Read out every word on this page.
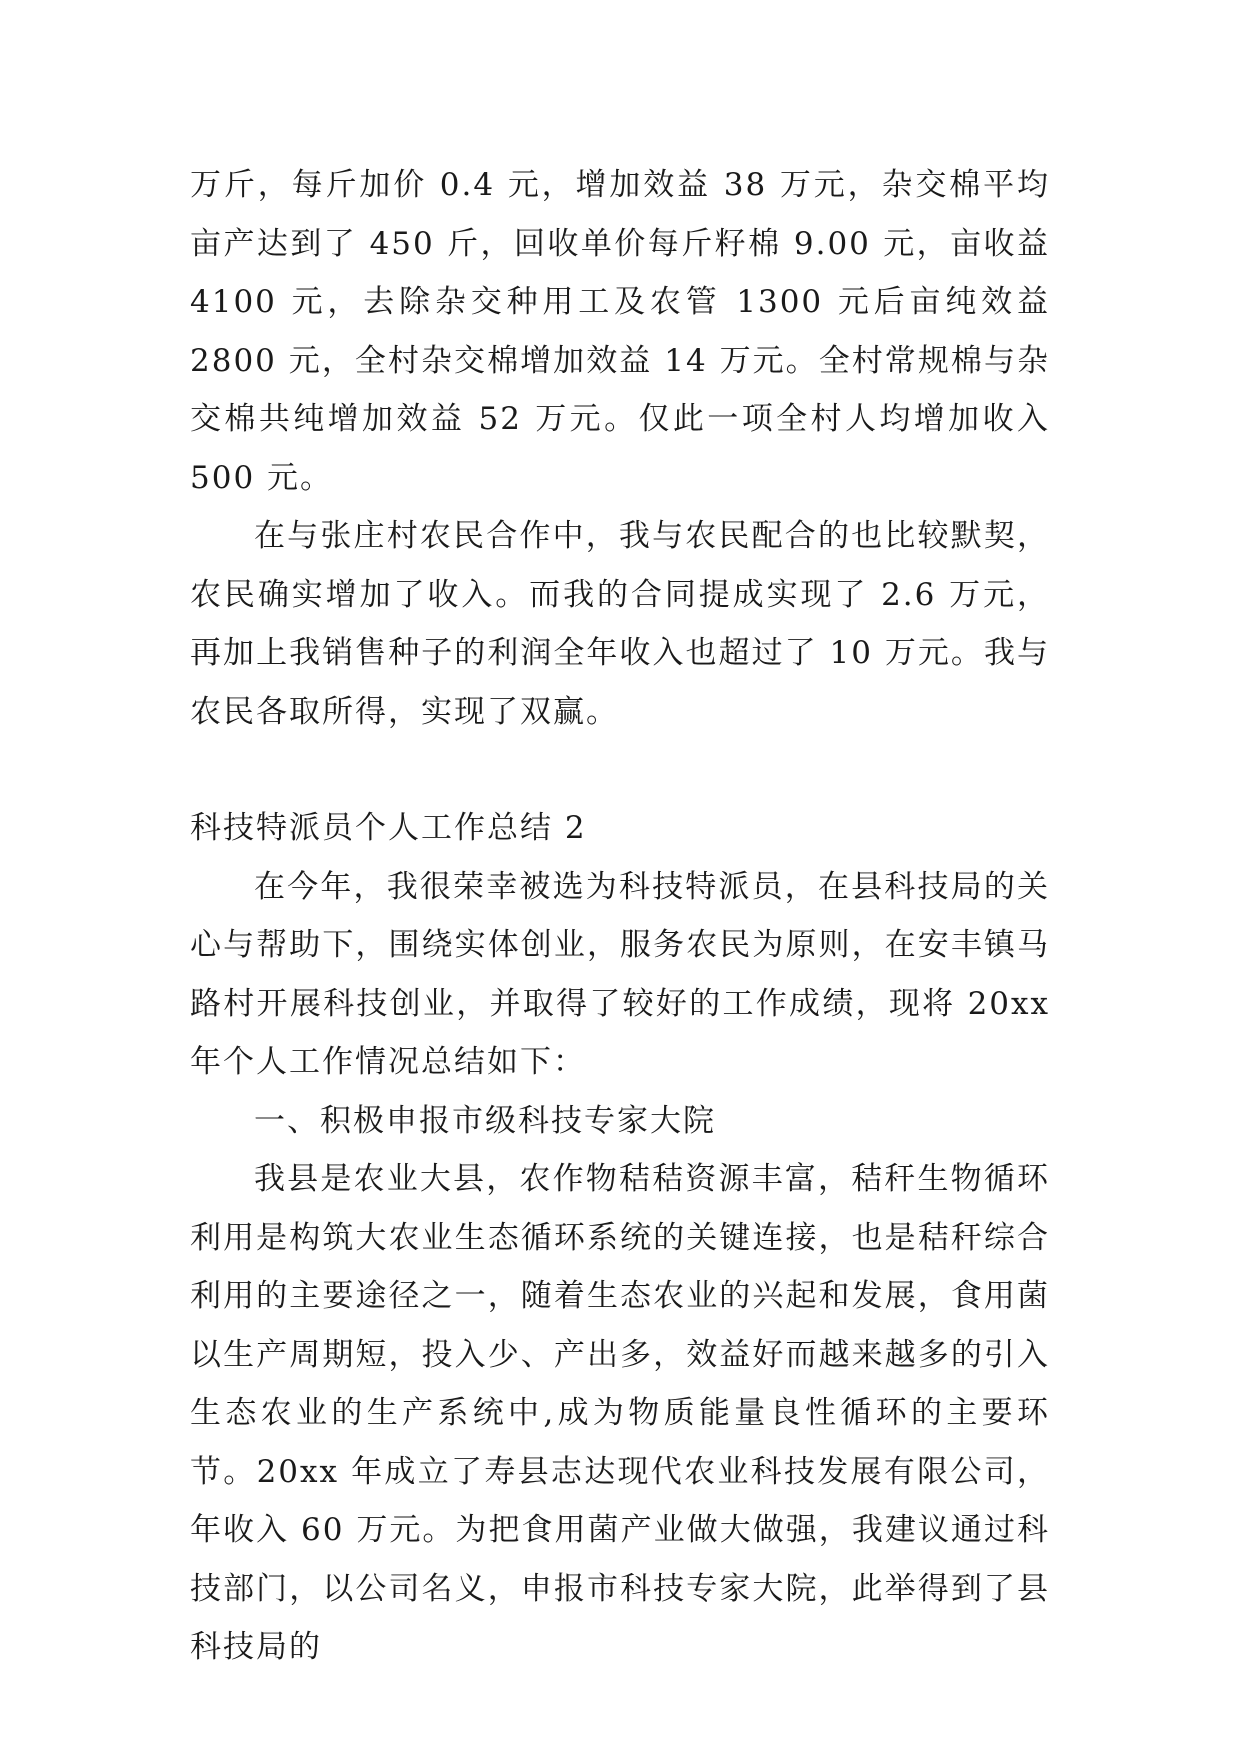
万斤，每斤加价 0.4 元，增加效益 38 万元，杂交棉平均亩产达到了 450 斤，回收单价每斤籽棉 9.00 元，亩收益 4100 元，去除杂交种用工及农管 1300 元后亩纯效益 2800 元，全村杂交棉增加效益 14 万元。全村常规棉与杂交棉共纯增加效益 52 万元。仅此一项全村人均增加收入 500 元。

在与张庄村农民合作中，我与农民配合的也比较默契，农民确实增加了收入。而我的合同提成实现了 2.6 万元，再加上我销售种子的利润全年收入也超过了 10 万元。我与农民各取所得，实现了双赢。

科技特派员个人工作总结 2

在今年，我很荣幸被选为科技特派员，在县科技局的关心与帮助下，围绕实体创业，服务农民为原则，在安丰镇马路村开展科技创业，并取得了较好的工作成绩，现将 20xx 年个人工作情况总结如下：

一、积极申报市级科技专家大院

我县是农业大县，农作物秸秸资源丰富，秸秆生物循环利用是构筑大农业生态循环系统的关键连接，也是秸秆综合利用的主要途径之一，随着生态农业的兴起和发展，食用菌以生产周期短，投入少、产出多，效益好而越来越多的引入生态农业的生产系统中,成为物质能量良性循环的主要环节。20xx 年成立了寿县志达现代农业科技发展有限公司，年收入 60 万元。为把食用菌产业做大做强，我建议通过科技部门，以公司名义，申报市科技专家大院，此举得到了县科技局的
